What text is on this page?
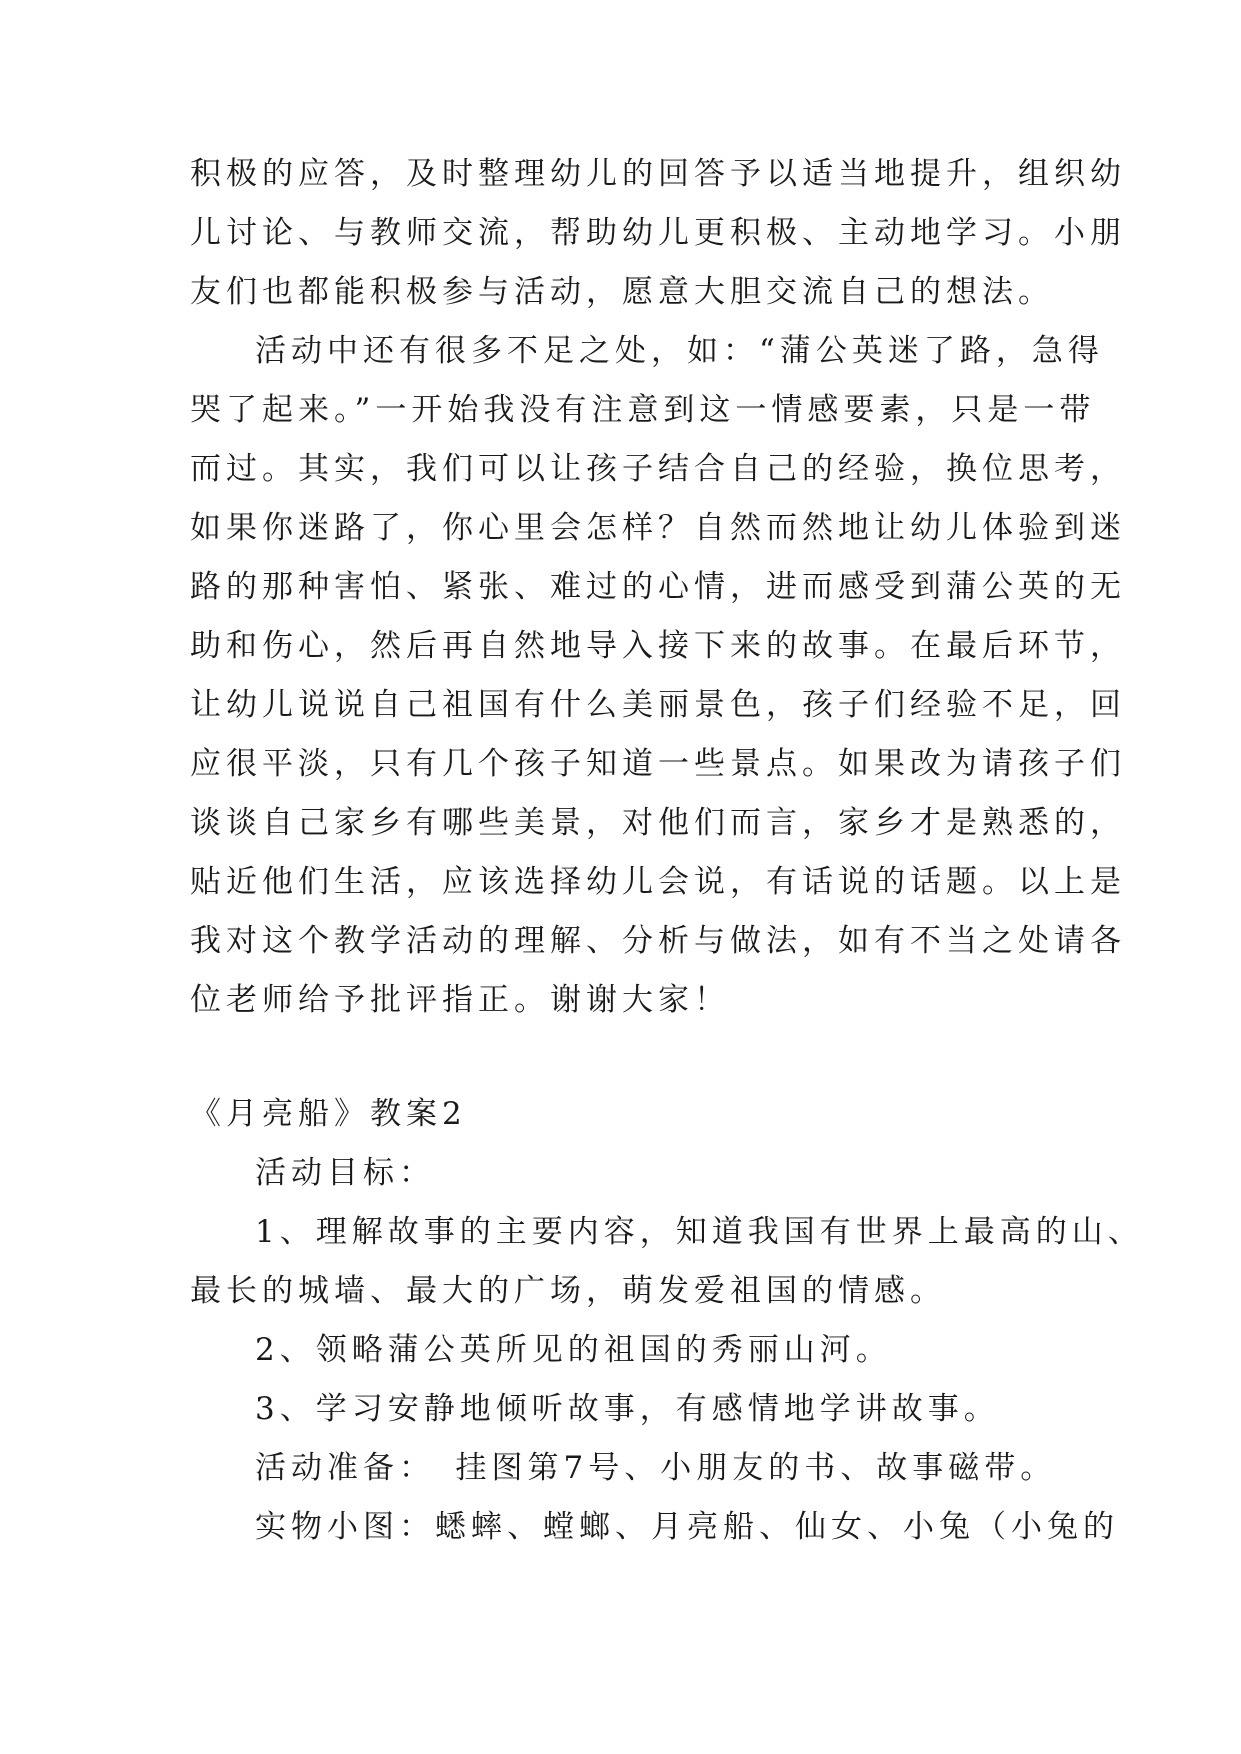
积极的应答，及时整理幼儿的回答予以适当地提升，组织幼
儿讨论、与教师交流，帮助幼儿更积极、主动地学习。小朋
友们也都能积极参与活动，愿意大胆交流自己的想法。
活动中还有很多不足之处，如：“蒲公英迷了路，急得
哭了起来。”一开始我没有注意到这一情感要素，只是一带
而过。其实，我们可以让孩子结合自己的经验，换位思考，
如果你迷路了，你心里会怎样？自然而然地让幼儿体验到迷
路的那种害怕、紧张、难过的心情，进而感受到蒲公英的无
助和伤心，然后再自然地导入接下来的故事。在最后环节，
让幼儿说说自己祖国有什么美丽景色，孩子们经验不足，回
应很平淡，只有几个孩子知道一些景点。如果改为请孩子们
谈谈自己家乡有哪些美景，对他们而言，家乡才是熟悉的，
贴近他们生活，应该选择幼儿会说，有话说的话题。以上是
我对这个教学活动的理解、分析与做法，如有不当之处请各
位老师给予批评指正。谢谢大家！
《月亮船》教案2
活动目标：
1、理解故事的主要内容，知道我国有世界上最高的山、
最长的城墙、最大的广场，萌发爱祖国的情感。
2、领略蒲公英所见的祖国的秀丽山河。
3、学习安静地倾听故事，有感情地学讲故事。
活动准备：　挂图第7号、小朋友的书、故事磁带。
实物小图：蟋蟀、螳螂、月亮船、仙女、小兔（小兔的
